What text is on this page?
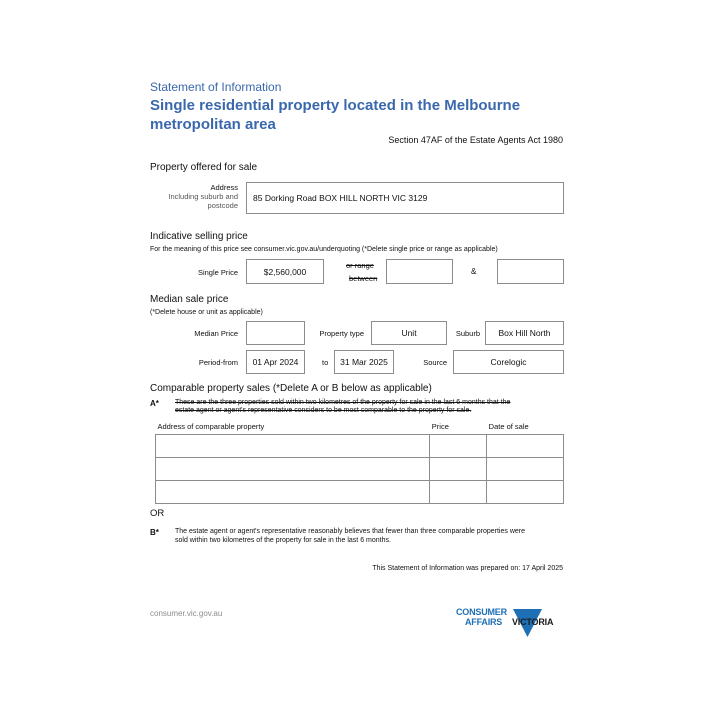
Statement of Information
Single residential property located in the Melbourne
metropolitan area
Section 47AF of the Estate Agents Act 1980
Property offered for sale
Address
Including suburb and
postcode
85 Dorking Road BOX HILL NORTH VIC 3129
Indicative selling price
For the meaning of this price see consumer.vic.gov.au/underquoting (*Delete single price or range as applicable)
Single Price	$2,560,000
or range
between
&
Median sale price
(*Delete house or unit as applicable)
Median Price	Property type	Unit	Suburb Box Hill North
Period-from 01 Apr 2024	to 31 Mar 2025	Source	Corelogic
Comparable property sales (*Delete A or B below as applicable)
A* These are the three properties sold within two kilometres of the property for sale in the last 6 months that the
estate agent or agent's representative considers to be most comparable to the property for sale.
Address of comparable property	Price	Date of sale

OR
B* The estate agent or agent's representative reasonably believes that fewer than three comparable properties were
sold within two kilometres of the property for sale in the last 6 months.
This Statement of Information was prepared on: 17 April 2025
consumer.vic.gov.au	CONSUMER
AFFAIRS VICTORIA
